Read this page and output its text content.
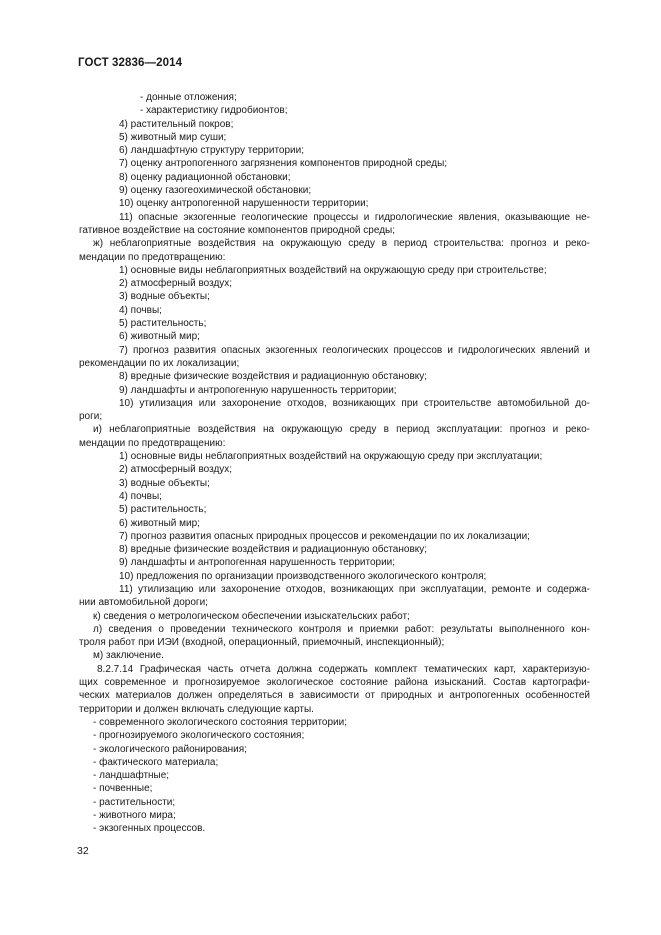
ГОСТ 32836—2014
- донные отложения;
- характеристику гидробионтов;
4) растительный покров;
5) животный мир суши;
6) ландшафтную структуру территории;
7) оценку антропогенного загрязнения компонентов природной среды;
8) оценку радиационной обстановки;
9) оценку газогеохимической обстановки;
10) оценку антропогенной нарушенности территории;
11) опасные экзогенные геологические процессы и гидрологические явления, оказывающие не-
гативное воздействие на состояние компонентов природной среды;
ж) неблагоприятные воздействия на окружающую среду в период строительства: прогноз и реко-
мендации по предотвращению:
1) основные виды неблагоприятных воздействий на окружающую среду при строительстве;
2) атмосферный воздух;
3) водные объекты;
4) почвы;
5) растительность;
6) животный мир;
7) прогноз развития опасных экзогенных геологических процессов и гидрологических явлений и
рекомендации по их локализации;
8) вредные физические воздействия и радиационную обстановку;
9) ландшафты и антропогенную нарушенность территории;
10) утилизация или захоронение отходов, возникающих при строительстве автомобильной до-
роги;
и) неблагоприятные воздействия на окружающую среду в период эксплуатации: прогноз и реко-
мендации по предотвращению:
1) основные виды неблагоприятных воздействий на окружающую среду при эксплуатации;
2) атмосферный воздух;
3) водные объекты;
4) почвы;
5) растительность;
6) животный мир;
7) прогноз развития опасных природных процессов и рекомендации по их локализации;
8) вредные физические воздействия и радиационную обстановку;
9) ландшафты и антропогенная нарушенность территории;
10) предложения по организации производственного экологического контроля;
11) утилизацию или захоронение отходов, возникающих при эксплуатации, ремонте и содержа-
нии автомобильной дороги;
к) сведения о метрологическом обеспечении изыскательских работ;
л) сведения о проведении технического контроля и приемки работ: результаты выполненного кон-
троля работ при ИЭИ (входной, операционный, приемочный, инспекционный);
м) заключение.
8.2.7.14 Графическая часть отчета должна содержать комплект тематических карт, характеризую-
щих современное и прогнозируемое экологическое состояние района изысканий. Состав картографи-
ческих материалов должен определяться в зависимости от природных и антропогенных особенностей
территории и должен включать следующие карты.
- современного экологического состояния территории;
- прогнозируемого экологического состояния;
- экологического районирования;
- фактического материала;
- ландшафтные;
- почвенные;
- растительности;
- животного мира;
- экзогенных процессов.
32
